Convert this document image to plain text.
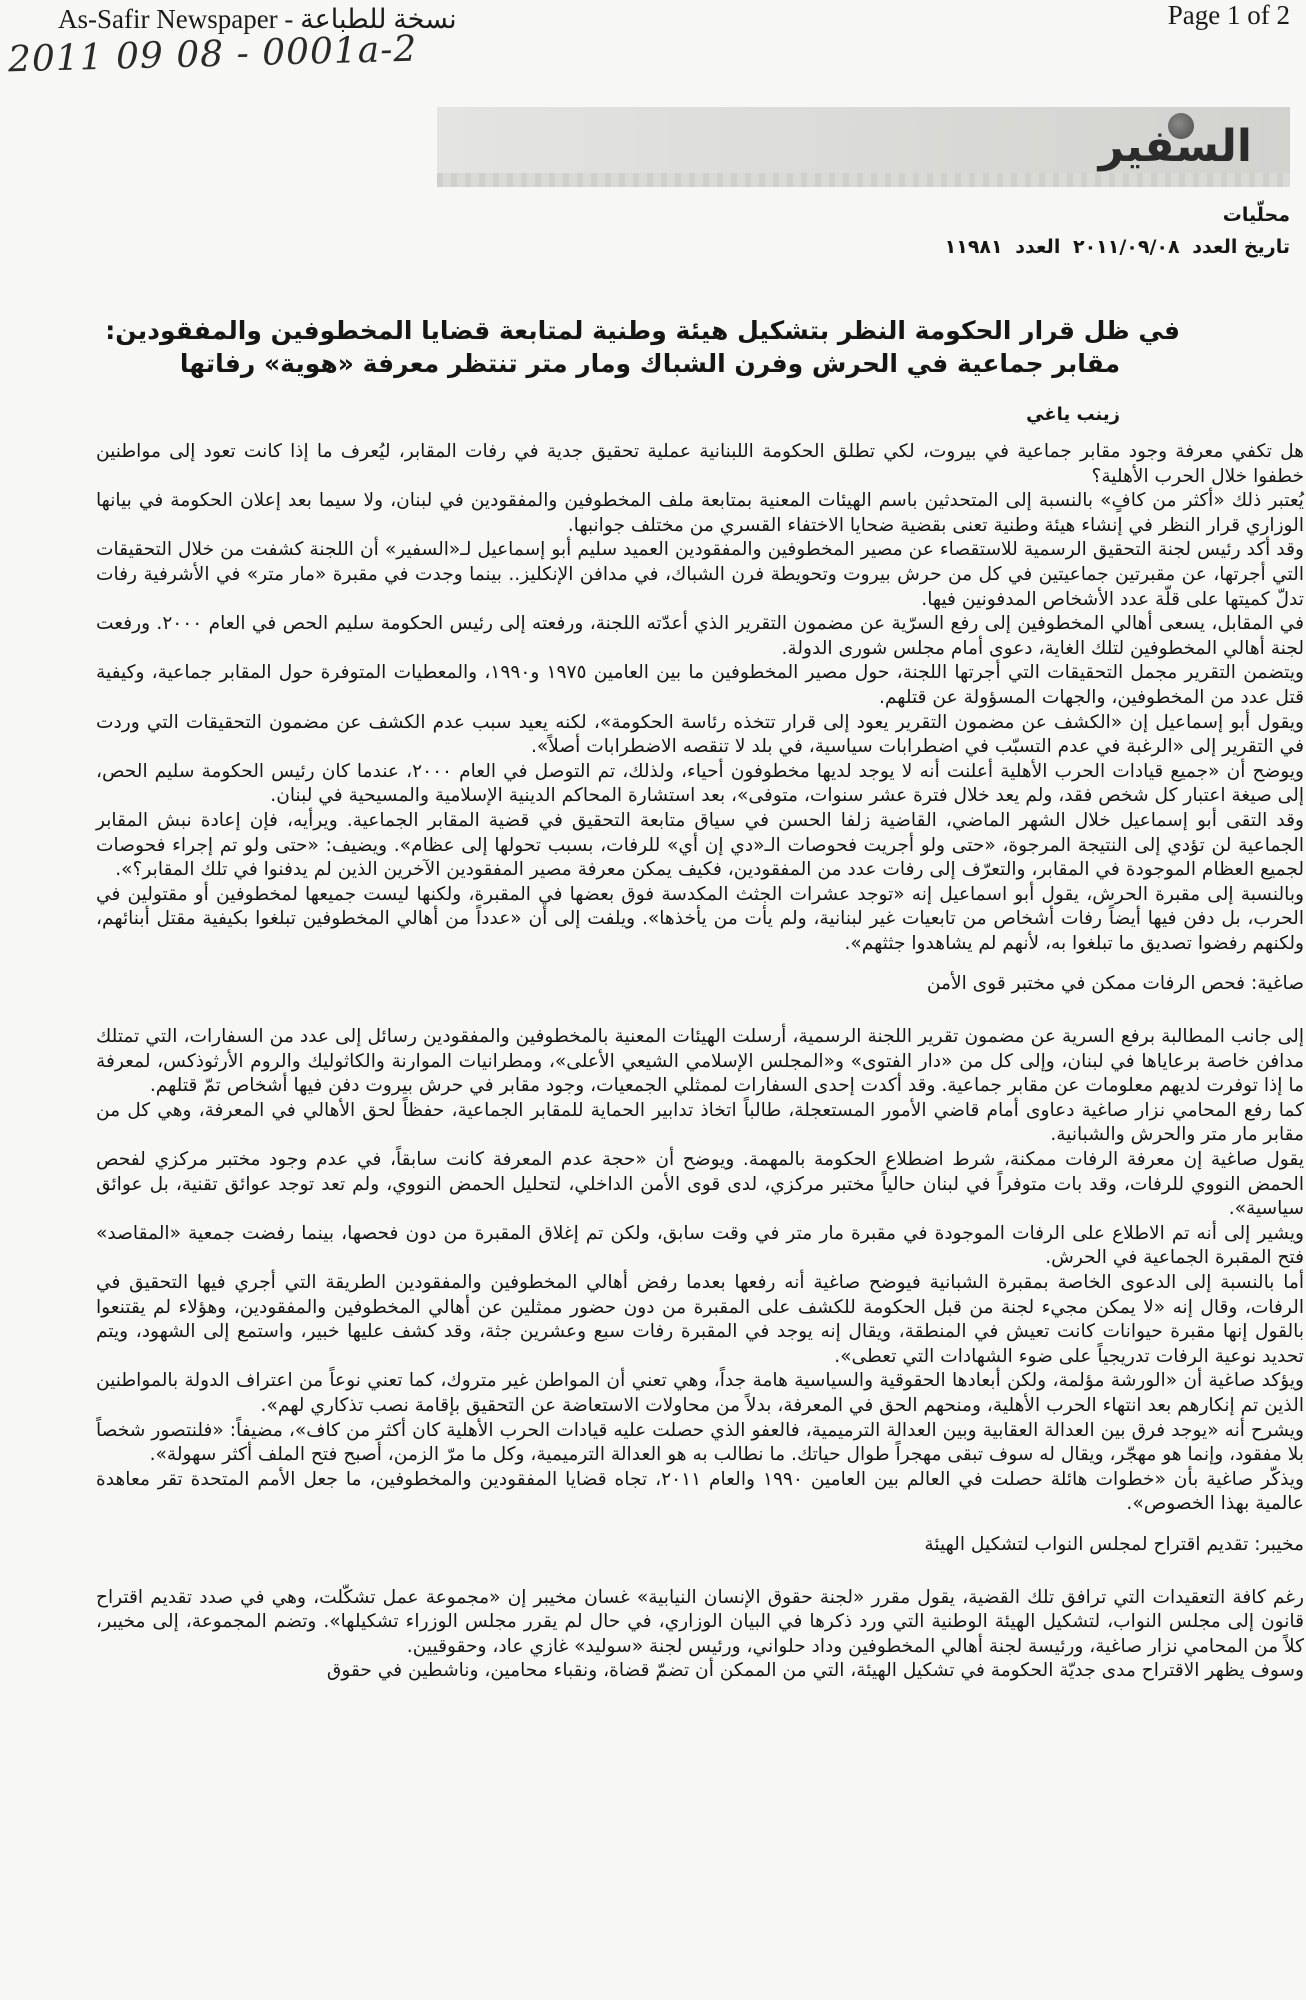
As-Safir Newspaper - نسخة للطباعة	Page 1 of 2
2011 09 08 - 0001a-2
السفير
محلّيات
تاريخ العدد ٢٠١١/٠٩/٠٨ العدد ١١٩٨١
في ظل قرار الحكومة النظر بتشكيل هيئة وطنية لمتابعة قضايا المخطوفين والمفقودين:
مقابر جماعية في الحرش وفرن الشباك ومار متر تنتظر معرفة «هوية» رفاتها
زينب ياغي

هل تكفي معرفة وجود مقابر جماعية في بيروت، لكي تطلق الحكومة اللبنانية عملية تحقيق جدية في رفات المقابر، ليُعرف ما إذا كانت تعود إلى مواطنين خطفوا خلال الحرب الأهلية؟

يُعتبر ذلك «أكثر من كافٍ» بالنسبة إلى المتحدثين باسم الهيئات المعنية بمتابعة ملف المخطوفين والمفقودين في لبنان، ولا سيما بعد إعلان الحكومة في بيانها الوزاري قرار النظر في إنشاء هيئة وطنية تعنى بقضية ضحايا الاختفاء القسري من مختلف جوانبها.

وقد أكد رئيس لجنة التحقيق الرسمية للاستقصاء عن مصير المخطوفين والمفقودين العميد سليم أبو إسماعيل لـ«السفير» أن اللجنة كشفت من خلال التحقيقات التي أجرتها، عن مقبرتين جماعيتين في كل من حرش بيروت وتحويطة فرن الشباك، في مدافن الإنكليز.. بينما وجدت في مقبرة «مار متر» في الأشرفية رفات تدلّ كميتها على قلّة عدد الأشخاص المدفونين فيها.

في المقابل، يسعى أهالي المخطوفين إلى رفع السرّية عن مضمون التقرير الذي أعدّته اللجنة، ورفعته إلى رئيس الحكومة سليم الحص في العام ٢٠٠٠. ورفعت لجنة أهالي المخطوفين لتلك الغاية، دعوى أمام مجلس شورى الدولة.

ويتضمن التقرير مجمل التحقيقات التي أجرتها اللجنة، حول مصير المخطوفين ما بين العامين ١٩٧٥ و١٩٩٠، والمعطيات المتوفرة حول المقابر جماعية، وكيفية قتل عدد من المخطوفين، والجهات المسؤولة عن قتلهم.

ويقول أبو إسماعيل إن «الكشف عن مضمون التقرير يعود إلى قرار تتخذه رئاسة الحكومة»، لكنه يعيد سبب عدم الكشف عن مضمون التحقيقات التي وردت في التقرير إلى «الرغبة في عدم التسبّب في اضطرابات سياسية، في بلد لا تنقصه الاضطرابات أصلاً».

ويوضح أن «جميع قيادات الحرب الأهلية أعلنت أنه لا يوجد لديها مخطوفون أحياء، ولذلك، تم التوصل في العام ٢٠٠٠، عندما كان رئيس الحكومة سليم الحص، إلى صيغة اعتبار كل شخص فقد، ولم يعد خلال فترة عشر سنوات، متوفى»، بعد استشارة المحاكم الدينية الإسلامية والمسيحية في لبنان.

وقد التقى أبو إسماعيل خلال الشهر الماضي، القاضية زلفا الحسن في سياق متابعة التحقيق في قضية المقابر الجماعية. ويرأيه، فإن إعادة نبش المقابر الجماعية لن تؤدي إلى النتيجة المرجوة، «حتى ولو أجريت فحوصات الـ«دي إن أي» للرفات، بسبب تحولها إلى عظام». ويضيف: «حتى ولو تم إجراء فحوصات لجميع العظام الموجودة في المقابر، والتعرّف إلى رفات عدد من المفقودين، فكيف يمكن معرفة مصير المفقودين الآخرين الذين لم يدفنوا في تلك المقابر؟».

وبالنسبة إلى مقبرة الحرش، يقول أبو اسماعيل إنه «توجد عشرات الجثث المكدسة فوق بعضها في المقبرة، ولكنها ليست جميعها لمخطوفين أو مقتولين في الحرب، بل دفن فيها أيضاً رفات أشخاص من تابعيات غير لبنانية، ولم يأت من يأخذها». ويلفت إلى أن «عدداً من أهالي المخطوفين تبلغوا بكيفية مقتل أبنائهم، ولكنهم رفضوا تصديق ما تبلغوا به، لأنهم لم يشاهدوا جثثهم».

صاغية: فحص الرفات ممكن في مختبر قوى الأمن

إلى جانب المطالبة برفع السرية عن مضمون تقرير اللجنة الرسمية، أرسلت الهيئات المعنية بالمخطوفين والمفقودين رسائل إلى عدد من السفارات، التي تمتلك مدافن خاصة برعاياها في لبنان، وإلى كل من «دار الفتوى» و«المجلس الإسلامي الشيعي الأعلى»، ومطرانيات الموارنة والكاثوليك والروم الأرثوذكس، لمعرفة ما إذا توفرت لديهم معلومات عن مقابر جماعية. وقد أكدت إحدى السفارات لممثلي الجمعيات، وجود مقابر في حرش بيروت دفن فيها أشخاص تمّ قتلهم.

كما رفع المحامي نزار صاغية دعاوى أمام قاضي الأمور المستعجلة، طالباً اتخاذ تدابير الحماية للمقابر الجماعية، حفظاً لحق الأهالي في المعرفة، وهي كل من مقابر مار متر والحرش والشبانية.

يقول صاغية إن معرفة الرفات ممكنة، شرط اضطلاع الحكومة بالمهمة. ويوضح أن «حجة عدم المعرفة كانت سابقاً، في عدم وجود مختبر مركزي لفحص الحمض النووي للرفات، وقد بات متوفراً في لبنان حالياً مختبر مركزي، لدى قوى الأمن الداخلي، لتحليل الحمض النووي، ولم تعد توجد عوائق تقنية، بل عوائق سياسية».

ويشير إلى أنه تم الاطلاع على الرفات الموجودة في مقبرة مار متر في وقت سابق، ولكن تم إغلاق المقبرة من دون فحصها، بينما رفضت جمعية «المقاصد» فتح المقبرة الجماعية في الحرش.

أما بالنسبة إلى الدعوى الخاصة بمقبرة الشبانية فيوضح صاغية أنه رفعها بعدما رفض أهالي المخطوفين والمفقودين الطريقة التي أجري فيها التحقيق في الرفات، وقال إنه «لا يمكن مجيء لجنة من قبل الحكومة للكشف على المقبرة من دون حضور ممثلين عن أهالي المخطوفين والمفقودين، وهؤلاء لم يقتنعوا بالقول إنها مقبرة حيوانات كانت تعيش في المنطقة، ويقال إنه يوجد في المقبرة رفات سبع وعشرين جثة، وقد كشف عليها خبير، واستمع إلى الشهود، ويتم تحديد نوعية الرفات تدريجياً على ضوء الشهادات التي تعطى».

ويؤكد صاغية أن «الورشة مؤلمة، ولكن أبعادها الحقوقية والسياسية هامة جداً، وهي تعني أن المواطن غير متروك، كما تعني نوعاً من اعتراف الدولة بالمواطنين الذين تم إنكارهم بعد انتهاء الحرب الأهلية، ومنحهم الحق في المعرفة، بدلاً من محاولات الاستعاضة عن التحقيق بإقامة نصب تذكاري لهم».

ويشرح أنه «يوجد فرق بين العدالة العقابية وبين العدالة الترميمية، فالعفو الذي حصلت عليه قيادات الحرب الأهلية كان أكثر من كاف»، مضيفاً: «فلنتصور شخصاً بلا مفقود، وإنما هو مهجّر، ويقال له سوف تبقى مهجراً طوال حياتك. ما نطالب به هو العدالة الترميمية، وكل ما مرّ الزمن، أصبح فتح الملف أكثر سهولة».

ويذكّر صاغية بأن «خطوات هائلة حصلت في العالم بين العامين ١٩٩٠ والعام ٢٠١١، تجاه قضايا المفقودين والمخطوفين، ما جعل الأمم المتحدة تقر معاهدة عالمية بهذا الخصوص».

مخيبر: تقديم اقتراح لمجلس النواب لتشكيل الهيئة

رغم كافة التعقيدات التي ترافق تلك القضية، يقول مقرر «لجنة حقوق الإنسان النيابية» غسان مخيبر إن «مجموعة عمل تشكّلت، وهي في صدد تقديم اقتراح قانون إلى مجلس النواب، لتشكيل الهيئة الوطنية التي ورد ذكرها في البيان الوزاري، في حال لم يقرر مجلس الوزراء تشكيلها». وتضم المجموعة، إلى مخيبر، كلاً من المحامي نزار صاغية، ورئيسة لجنة أهالي المخطوفين وداد حلواني، ورئيس لجنة «سوليد» غازي عاد، وحقوقيين.

وسوف يظهر الاقتراح مدى جديّة الحكومة في تشكيل الهيئة، التي من الممكن أن تضمّ قضاة، ونقباء محامين، وناشطين في حقوق
